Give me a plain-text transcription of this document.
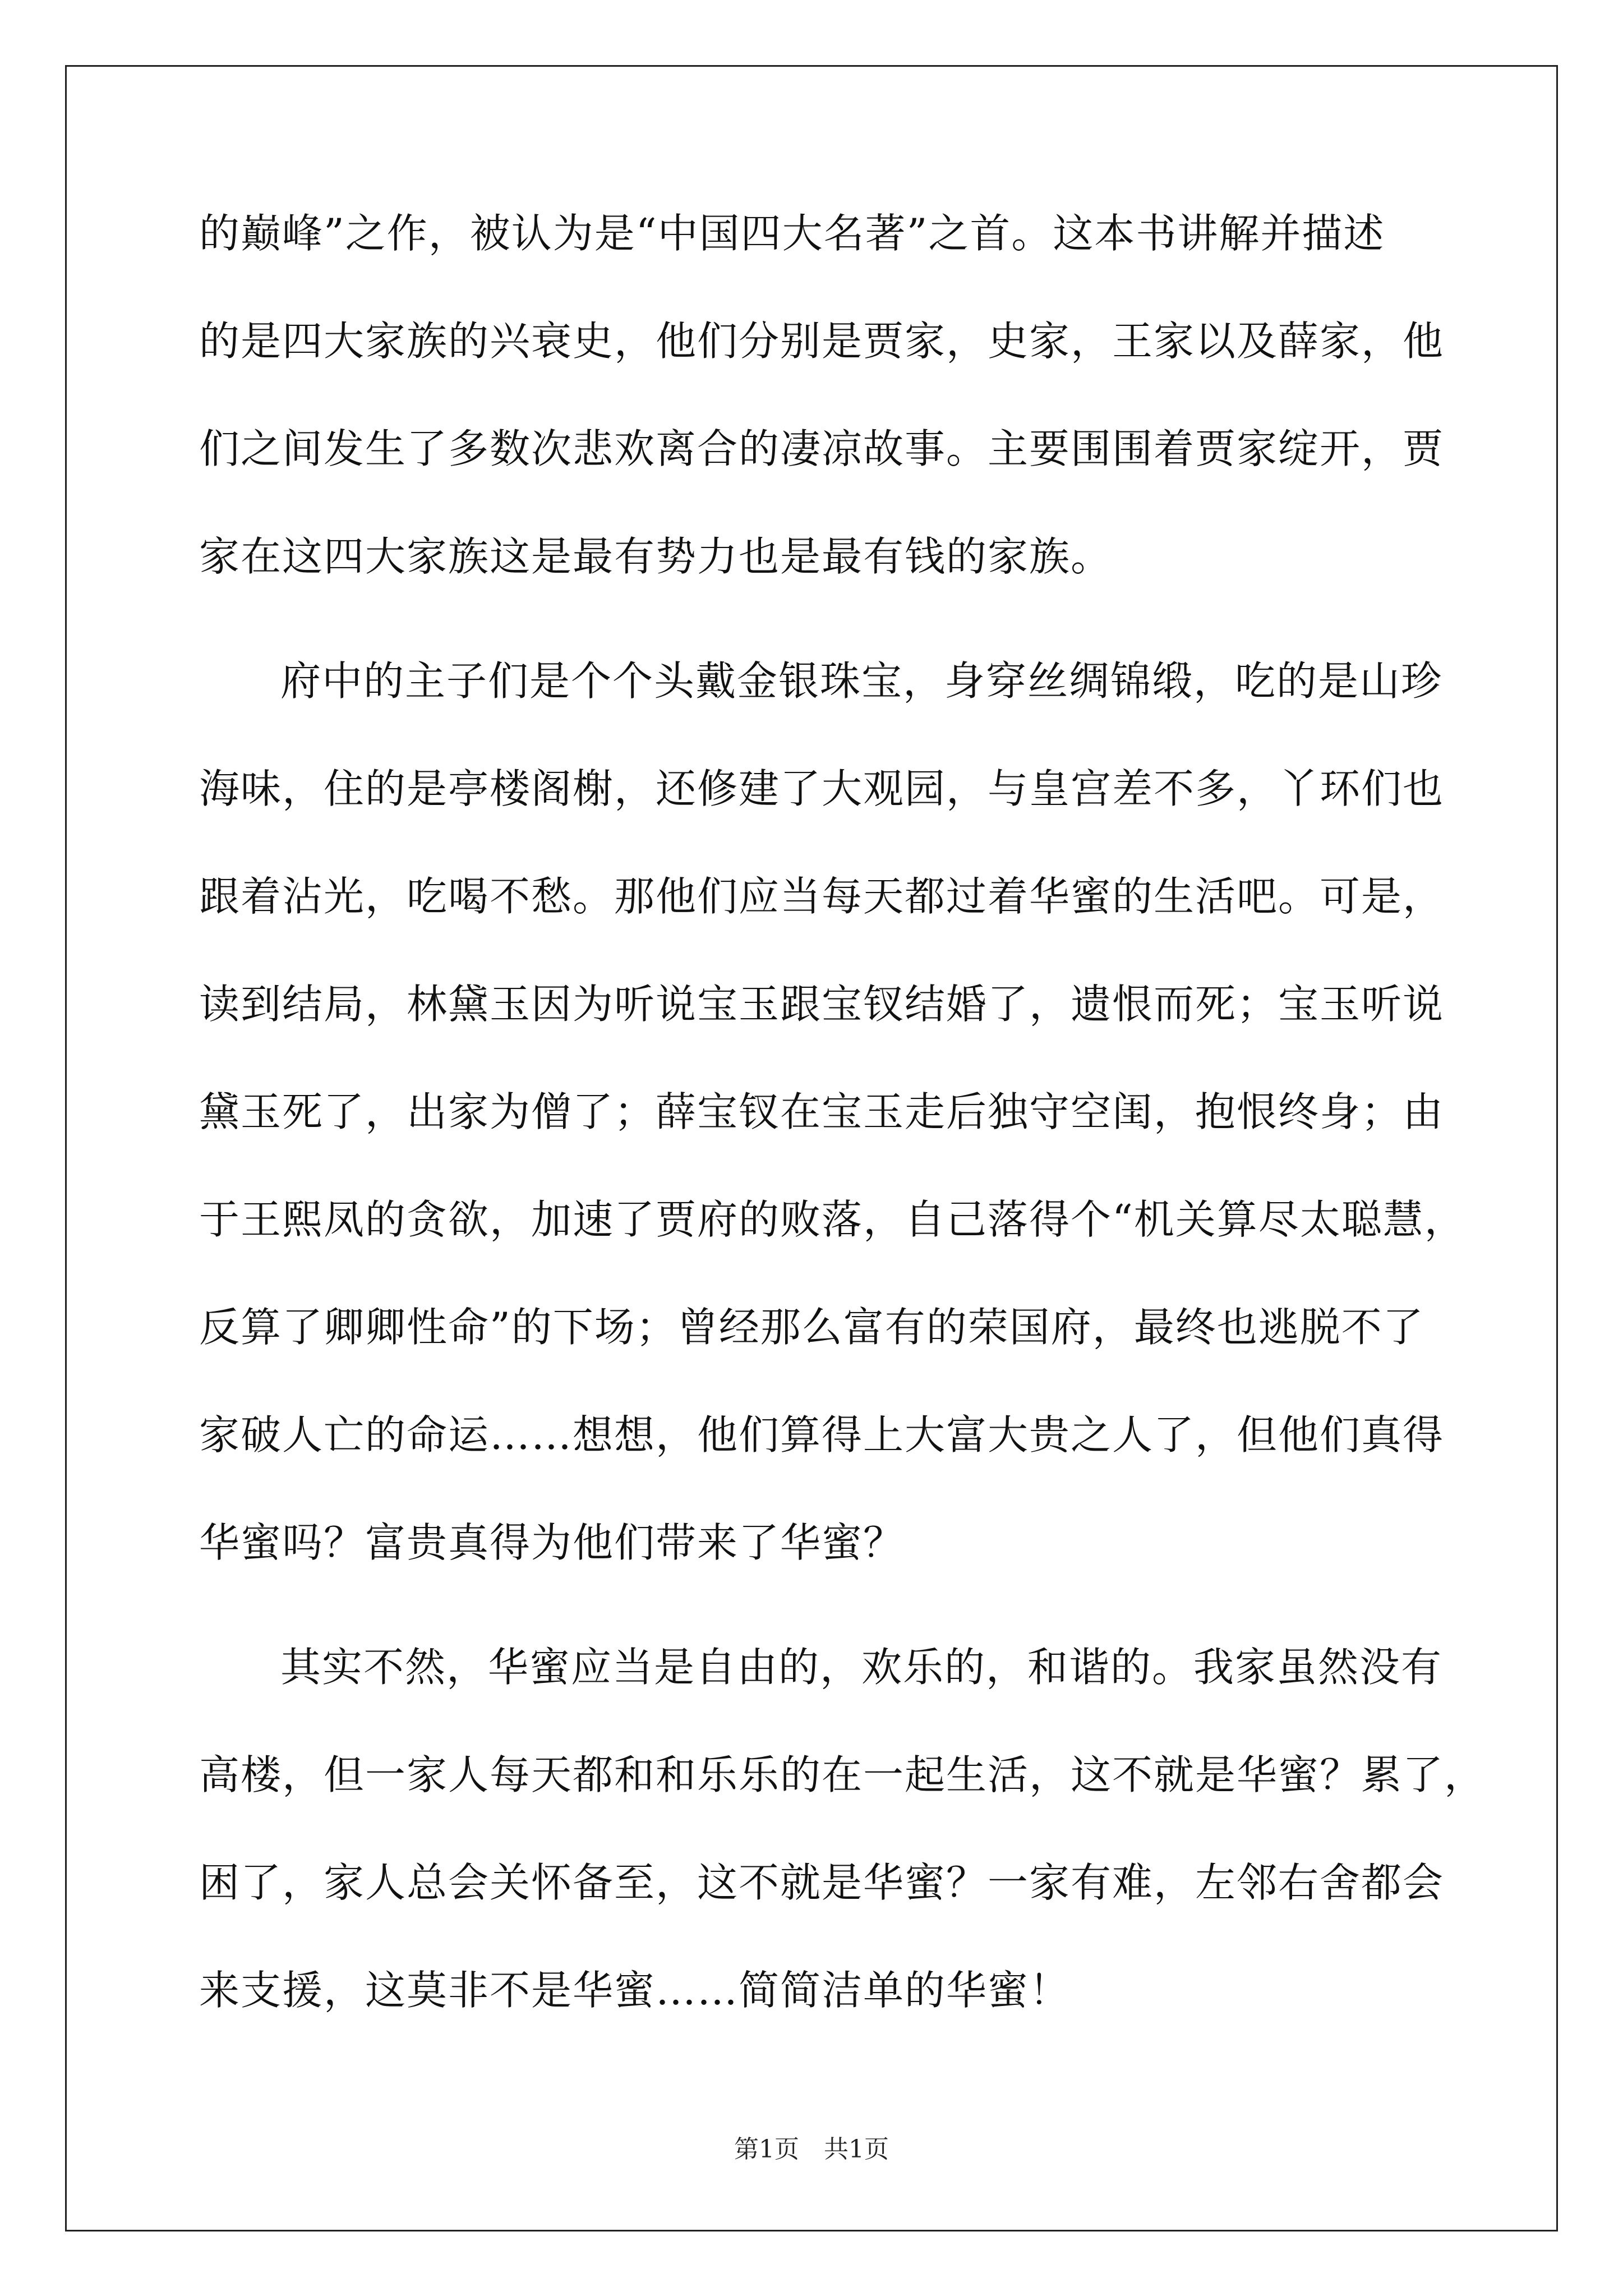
的巅峰”之作，被认为是“中国四大名著”之首。这本书讲解并描述
的是四大家族的兴衰史，他们分别是贾家，史家，王家以及薛家，他
们之间发生了多数次悲欢离合的凄凉故事。主要围围着贾家绽开，贾
家在这四大家族这是最有势力也是最有钱的家族。
府中的主子们是个个头戴金银珠宝，身穿丝绸锦缎，吃的是山珍
海味，住的是亭楼阁榭，还修建了大观园，与皇宫差不多，丫环们也
跟着沾光，吃喝不愁。那他们应当每天都过着华蜜的生活吧。可是，
读到结局，林黛玉因为听说宝玉跟宝钗结婚了，遗恨而死；宝玉听说
黛玉死了，出家为僧了；薛宝钗在宝玉走后独守空闺，抱恨终身；由
于王熙凤的贪欲，加速了贾府的败落，自己落得个“机关算尽太聪慧，
反算了卿卿性命”的下场；曾经那么富有的荣国府，最终也逃脱不了
家破人亡的命运……想想，他们算得上大富大贵之人了，但他们真得
华蜜吗？富贵真得为他们带来了华蜜？
其实不然，华蜜应当是自由的，欢乐的，和谐的。我家虽然没有
高楼，但一家人每天都和和乐乐的在一起生活，这不就是华蜜？累了，
困了，家人总会关怀备至，这不就是华蜜？一家有难，左邻右舍都会
来支援，这莫非不是华蜜……简简洁单的华蜜！
第1页　共1页
